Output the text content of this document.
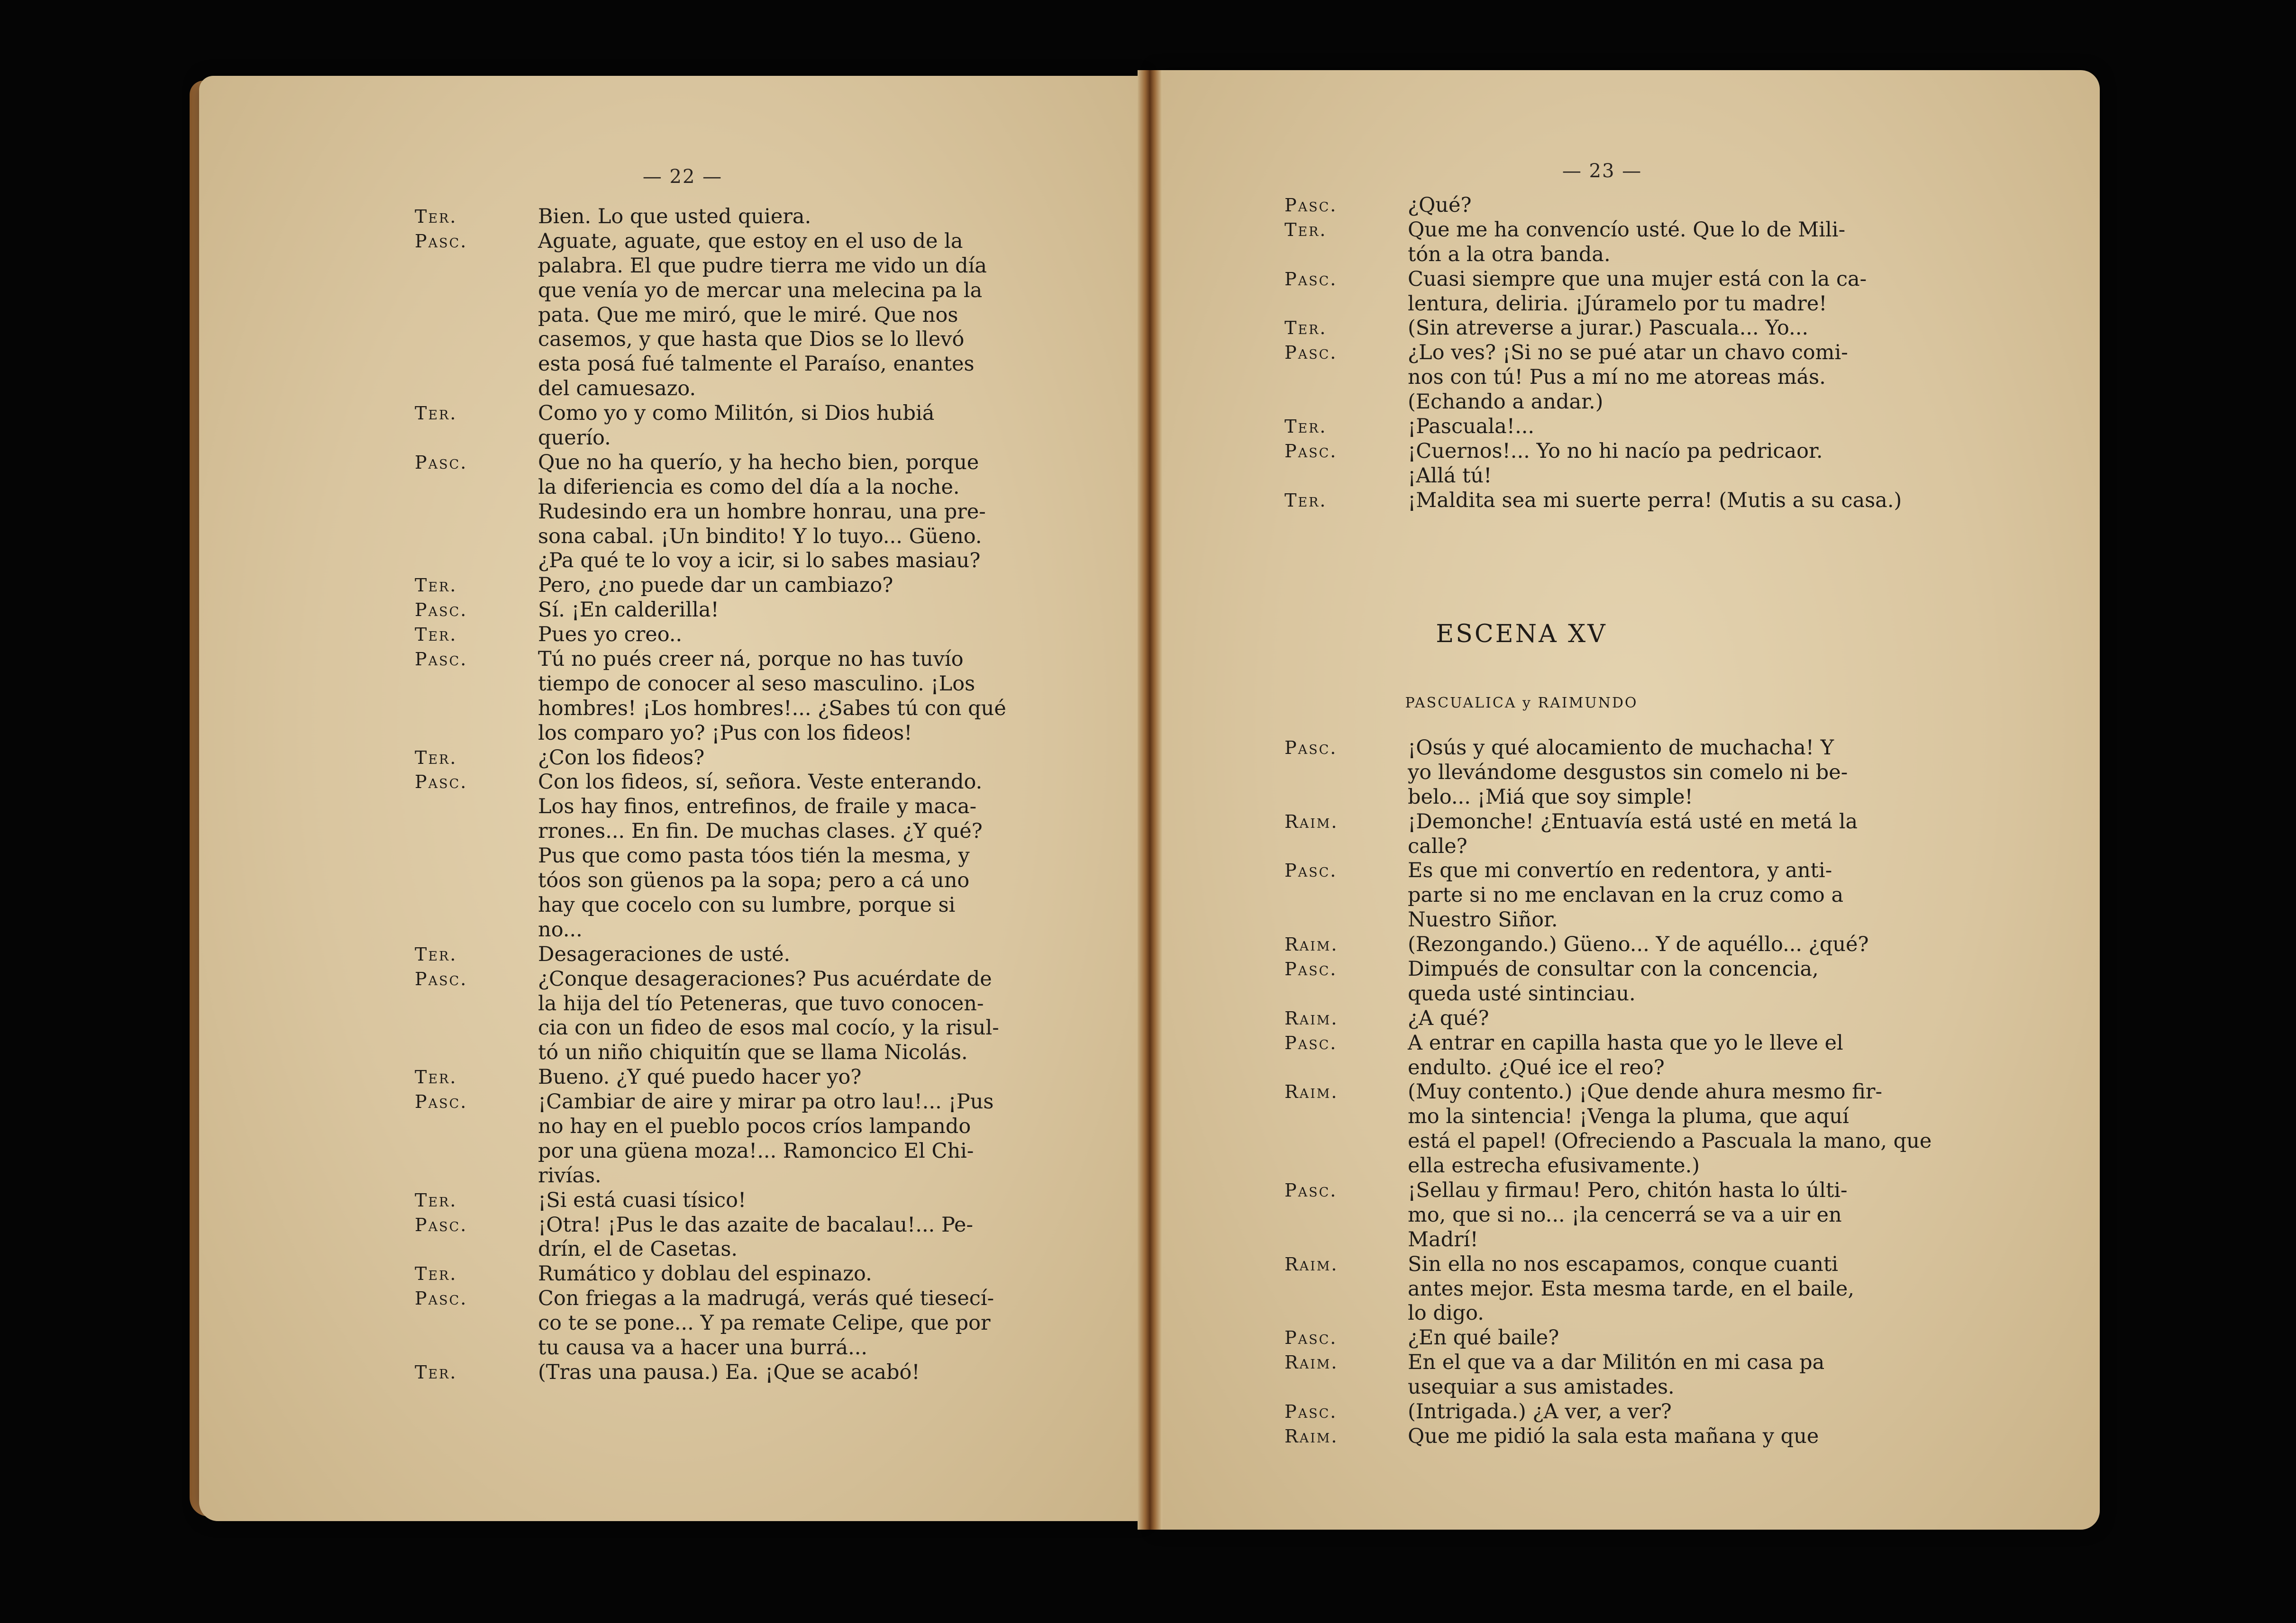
— 22 —
Ter.	Bien. Lo que usted quiera.
Pasc.	Aguate, aguate, que estoy en el uso de la
palabra. El que pudre tierra me vido un día
que venía yo de mercar una melecina pa la
pata. Que me miró, que le miré. Que nos
casemos, y que hasta que Dios se lo llevó
esta posá fué talmente el Paraíso, enantes
del camuesazo.
Ter.	Como yo y como Militón, si Dios hubiá
querío.
Pasc.	Que no ha querío, y ha hecho bien, porque
la diferiencia es como del día a la noche.
Rudesindo era un hombre honrau, una pre-
sona cabal. ¡Un bindito! Y lo tuyo... Güeno.
¿Pa qué te lo voy a icir, si lo sabes masiau?
Ter.	Pero, ¿no puede dar un cambiazo?
Pasc.	Sí. ¡En calderilla!
Ter.	Pues yo creo..
Pasc.	Tú no pués creer ná, porque no has tuvío
tiempo de conocer al seso masculino. ¡Los
hombres! ¡Los hombres!... ¿Sabes tú con qué
los comparo yo? ¡Pus con los fideos!
Ter.	¿Con los fideos?
Pasc.	Con los fideos, sí, señora. Veste enterando.
Los hay finos, entrefinos, de fraile y maca-
rrones... En fin. De muchas clases. ¿Y qué?
Pus que como pasta tóos tién la mesma, y
tóos son güenos pa la sopa; pero a cá uno
hay que cocelo con su lumbre, porque si
no...
Ter.	Desageraciones de usté.
Pasc.	¿Conque desageraciones? Pus acuérdate de
la hija del tío Peteneras, que tuvo conocen-
cia con un fideo de esos mal cocío, y la risul-
tó un niño chiquitín que se llama Nicolás.
Ter.	Bueno. ¿Y qué puedo hacer yo?
Pasc.	¡Cambiar de aire y mirar pa otro lau!... ¡Pus
no hay en el pueblo pocos críos lampando
por una güena moza!... Ramoncico El Chi-
rivías.
Ter.	¡Si está cuasi tísico!
Pasc.	¡Otra! ¡Pus le das azaite de bacalau!... Pe-
drín, el de Casetas.
Ter.	Rumático y doblau del espinazo.
Pasc.	Con friegas a la madrugá, verás qué tiesecí-
co te se pone... Y pa remate Celipe, que por
tu causa va a hacer una burrá...
Ter.	(Tras una pausa.) Ea. ¡Que se acabó!
— 23 —
Pasc.	¿Qué?
Ter.	Que me ha convencío usté. Que lo de Mili-
tón a la otra banda.
Pasc.	Cuasi siempre que una mujer está con la ca-
lentura, deliria. ¡Júramelo por tu madre!
Ter.	(Sin atreverse a jurar.) Pascuala... Yo...
Pasc.	¿Lo ves? ¡Si no se pué atar un chavo comi-
nos con tú! Pus a mí no me atoreas más.
(Echando a andar.)
Ter.	¡Pascuala!...
Pasc.	¡Cuernos!... Yo no hi nacío pa pedricaor.
¡Allá tú!
Ter.	¡Maldita sea mi suerte perra! (Mutis a su casa.)
ESCENA XV
PASCUALICA y RAIMUNDO
Pasc.	¡Osús y qué alocamiento de muchacha! Y
yo llevándome desgustos sin comelo ni be-
belo... ¡Miá que soy simple!
Raim.	¡Demonche! ¿Entuavía está usté en metá la
calle?
Pasc.	Es que mi convertío en redentora, y anti-
parte si no me enclavan en la cruz como a
Nuestro Siñor.
Raim.	(Rezongando.) Güeno... Y de aquéllo... ¿qué?
Pasc.	Dimpués de consultar con la concencia,
queda usté sintinciau.
Raim.	¿A qué?
Pasc.	A entrar en capilla hasta que yo le lleve el
endulto. ¿Qué ice el reo?
Raim.	(Muy contento.) ¡Que dende ahura mesmo fir-
mo la sintencia! ¡Venga la pluma, que aquí
está el papel! (Ofreciendo a Pascuala la mano, que
ella estrecha efusivamente.)
Pasc.	¡Sellau y firmau! Pero, chitón hasta lo últi-
mo, que si no... ¡la cencerrá se va a uir en
Madrí!
Raim.	Sin ella no nos escapamos, conque cuanti
antes mejor. Esta mesma tarde, en el baile,
lo digo.
Pasc.	¿En qué baile?
Raim.	En el que va a dar Militón en mi casa pa
usequiar a sus amistades.
Pasc.	(Intrigada.) ¿A ver, a ver?
Raim.	Que me pidió la sala esta mañana y que
